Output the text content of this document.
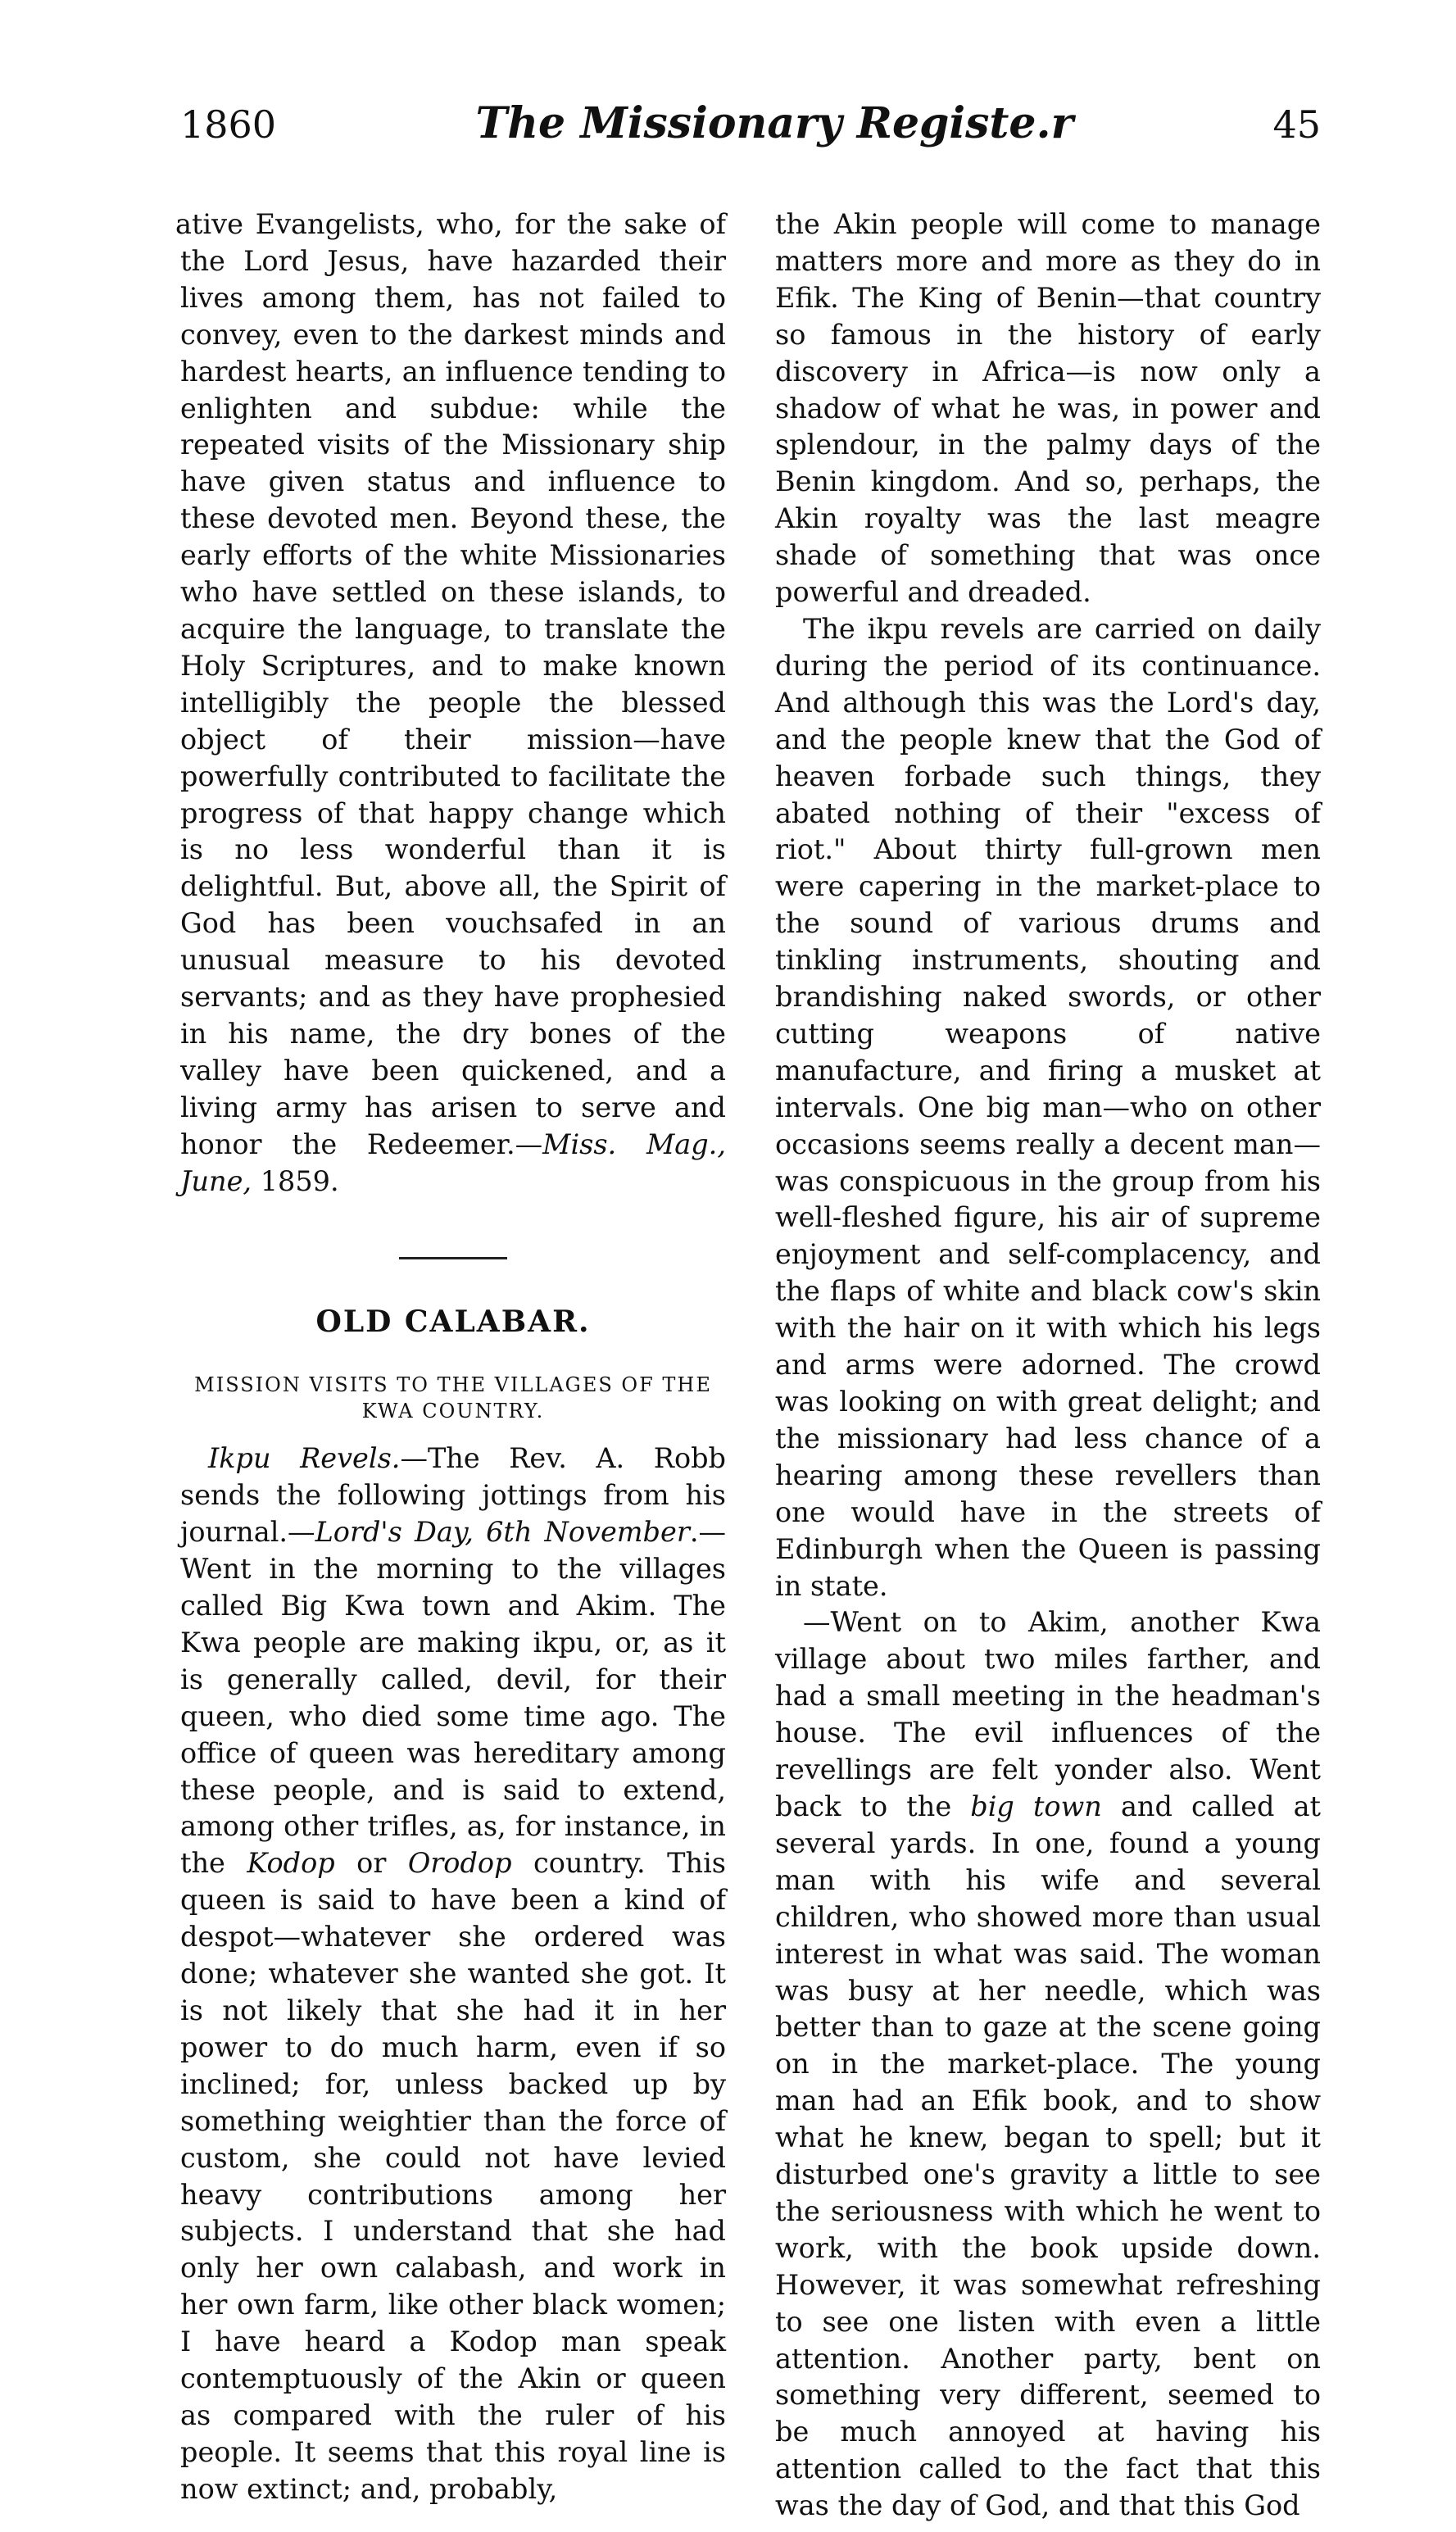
1860	The Missionary Registe.r	45

ative Evangelists, who, for the sake of the Lord Jesus, have hazarded their lives among them, has not failed to convey, even to the darkest minds and hardest hearts, an influence tending to enlighten and subdue: while the repeated visits of the Missionary ship have given status and influence to these devoted men. Beyond these, the early efforts of the white Missionaries who have settled on these islands, to acquire the language, to translate the Holy Scriptures, and to make known intelligibly the people the blessed object of their mission—have powerfully contributed to facilitate the progress of that happy change which is no less wonderful than it is delightful. But, above all, the Spirit of God has been vouchsafed in an unusual measure to his devoted servants; and as they have prophesied in his name, the dry bones of the valley have been quickened, and a living army has arisen to serve and honor the Redeemer.—Miss. Mag., June, 1859.

OLD CALABAR.
MISSION VISITS TO THE VILLAGES OF THE
KWA COUNTRY.

Ikpu Revels.—The Rev. A. Robb sends the following jottings from his journal.—Lord's Day, 6th November.—Went in the morning to the villages called Big Kwa town and Akim. The Kwa people are making ikpu, or, as it is generally called, devil, for their queen, who died some time ago. The office of queen was hereditary among these people, and is said to extend, among other trifles, as, for instance, in the Kodop or Orodop country. This queen is said to have been a kind of despot—whatever she ordered was done; whatever she wanted she got. It is not likely that she had it in her power to do much harm, even if so inclined; for, unless backed up by something weightier than the force of custom, she could not have levied heavy contributions among her subjects. I understand that she had only her own calabash, and work in her own farm, like other black women; I have heard a Kodop man speak contemptuously of the Akin or queen as compared with the ruler of his people. It seems that this royal line is now extinct; and, probably,

the Akin people will come to manage matters more and more as they do in Efik. The King of Benin—that country so famous in the history of early discovery in Africa—is now only a shadow of what he was, in power and splendour, in the palmy days of the Benin kingdom. And so, perhaps, the Akin royalty was the last meagre shade of something that was once powerful and dreaded.

The ikpu revels are carried on daily during the period of its continuance. And although this was the Lord's day, and the people knew that the God of heaven forbade such things, they abated nothing of their "excess of riot." About thirty full-grown men were capering in the market-place to the sound of various drums and tinkling instruments, shouting and brandishing naked swords, or other cutting weapons of native manufacture, and firing a musket at intervals. One big man—who on other occasions seems really a decent man—was conspicuous in the group from his well-fleshed figure, his air of supreme enjoyment and self-complacency, and the flaps of white and black cow's skin with the hair on it with which his legs and arms were adorned. The crowd was looking on with great delight; and the missionary had less chance of a hearing among these revellers than one would have in the streets of Edinburgh when the Queen is passing in state.

—Went on to Akim, another Kwa village about two miles farther, and had a small meeting in the headman's house. The evil influences of the revellings are felt yonder also. Went back to the big town and called at several yards. In one, found a young man with his wife and several children, who showed more than usual interest in what was said. The woman was busy at her needle, which was better than to gaze at the scene going on in the market-place. The young man had an Efik book, and to show what he knew, began to spell; but it disturbed one's gravity a little to see the seriousness with which he went to work, with the book upside down. However, it was somewhat refreshing to see one listen with even a little attention. Another party, bent on something very different, seemed to be much annoyed at having his attention called to the fact that this was the day of God, and that this God
